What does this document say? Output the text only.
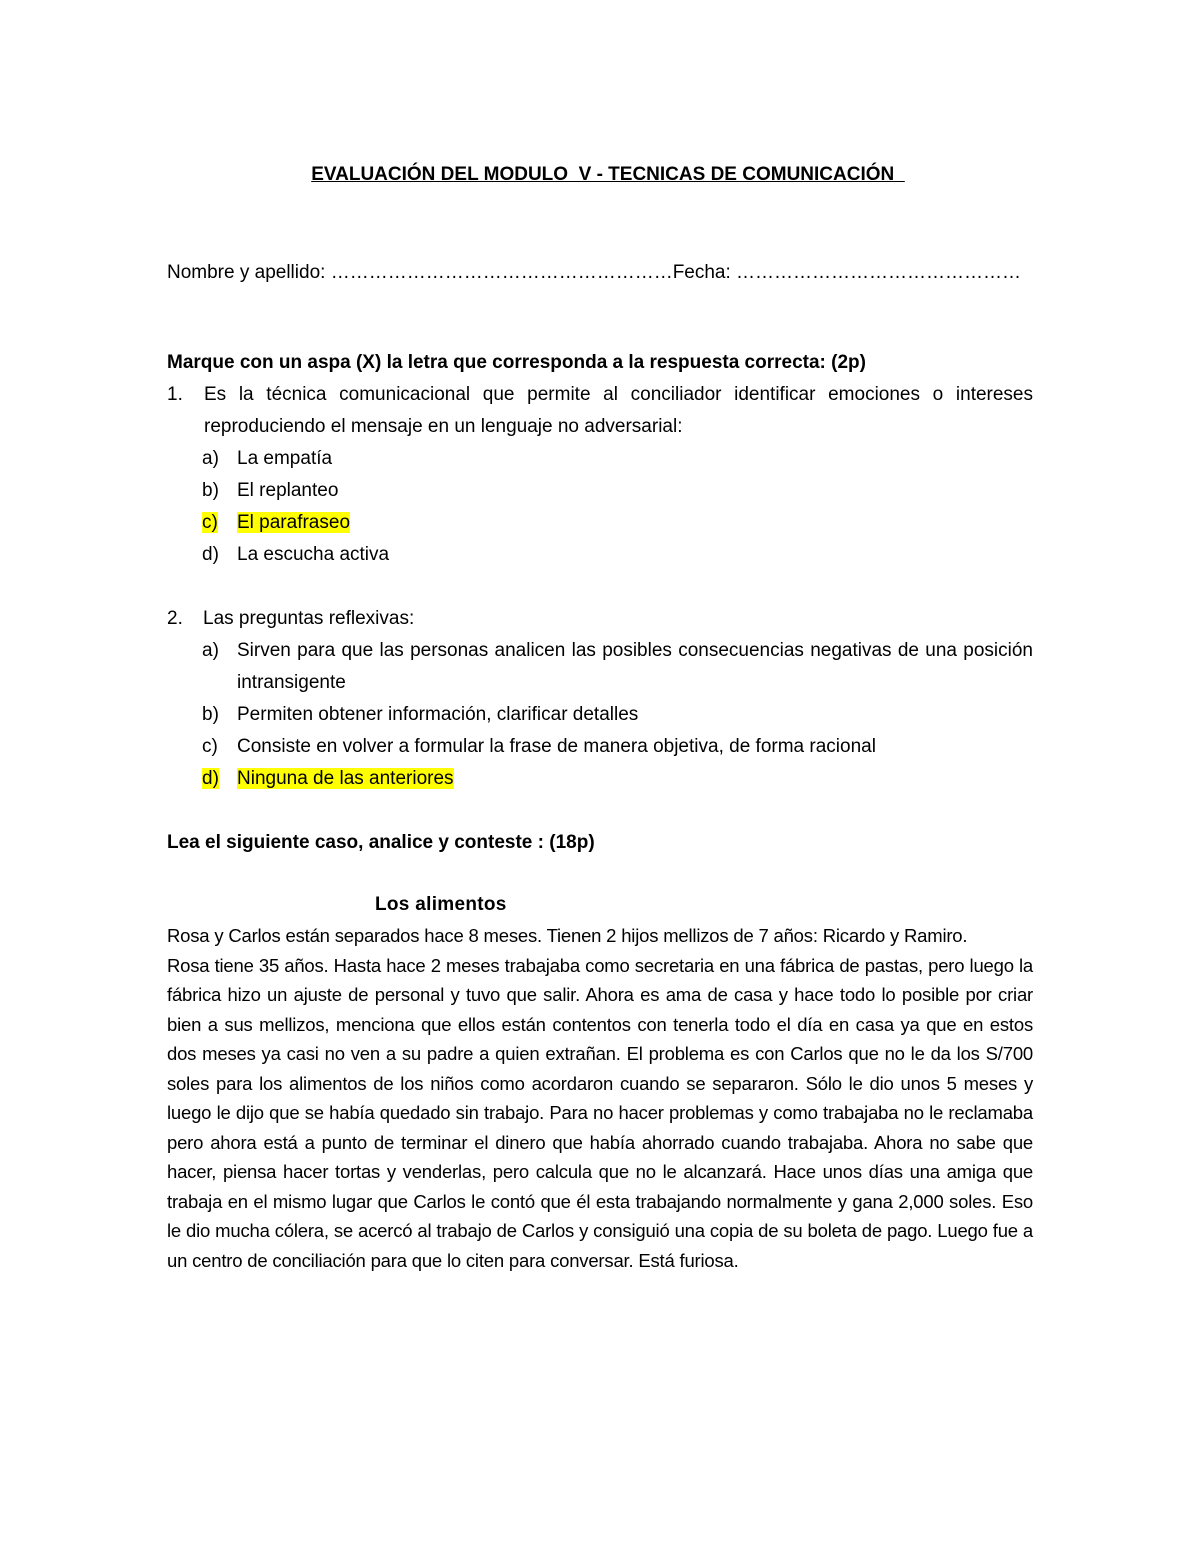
EVALUACIÓN DEL MODULO  V - TECNICAS DE COMUNICACIÓN
Nombre y apellido: ………………………………………………Fecha: ………………………………………
Marque con un aspa (X) la letra que corresponda a la respuesta correcta: (2p)
1.	Es la técnica comunicacional que permite al conciliador identificar emociones o intereses reproduciendo el mensaje en un lenguaje no adversarial:
a) La empatía
b) El replanteo
c)	El parafraseo
d) La escucha activa
2.	Las preguntas reflexivas:
a) Sirven para que las personas analicen las posibles consecuencias negativas de una posición intransigente
b) Permiten obtener información, clarificar detalles
c)	Consiste en volver a formular la frase de manera objetiva, de forma racional
d) Ninguna de las anteriores
Lea el siguiente caso, analice y conteste : (18p)
Los alimentos

Rosa y Carlos están separados hace 8 meses. Tienen 2 hijos mellizos de 7 años: Ricardo y Ramiro.

Rosa tiene 35 años. Hasta hace 2 meses trabajaba como secretaria en una fábrica de pastas, pero luego la fábrica hizo un ajuste de personal y tuvo que salir. Ahora es ama de casa y hace todo lo posible por criar bien a sus mellizos, menciona que ellos están contentos con tenerla todo el día en casa ya que en estos dos meses ya casi no ven a su padre a quien extrañan. El problema es con Carlos que no le da los S/700 soles para los alimentos de los niños como acordaron cuando se separaron. Sólo le dio unos 5 meses y luego le dijo que se había quedado sin trabajo. Para no hacer problemas y como trabajaba no le reclamaba pero ahora está a punto de terminar el dinero que había ahorrado cuando trabajaba. Ahora no sabe que hacer, piensa hacer tortas y venderlas, pero calcula que no le alcanzará. Hace unos días una amiga que trabaja en el mismo lugar que Carlos le contó que él esta trabajando normalmente y gana 2,000 soles. Eso le dio mucha cólera, se acercó al trabajo de Carlos y consiguió una copia de su boleta de pago. Luego fue a un centro de conciliación para que lo citen para conversar. Está furiosa.
